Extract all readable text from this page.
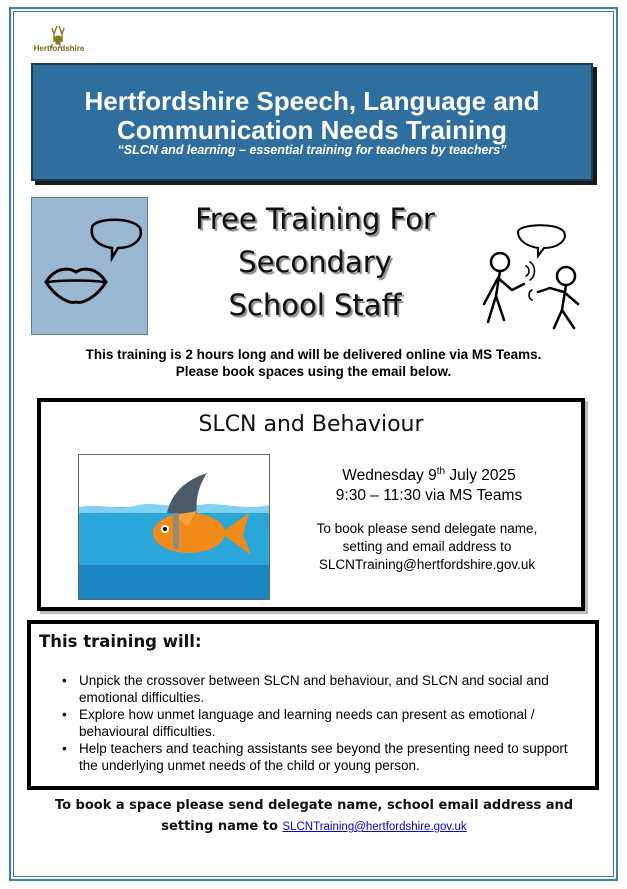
Hertfordshire
Hertfordshire Speech, Language and
Communication Needs Training
“SLCN and learning – essential training for teachers by teachers”
Free Training For
Secondary
School Staff
This training is 2 hours long and will be delivered online via MS Teams.
Please book spaces using the email below.
SLCN and Behaviour
Wednesday 9th July 2025
9:30 – 11:30 via MS Teams
To book please send delegate name,
setting and email address to
SLCNTraining@hertfordshire.gov.uk
This training will:
• Unpick the crossover between SLCN and behaviour, and SLCN and social and emotional difficulties.
• Explore how unmet language and learning needs can present as emotional / behavioural difficulties.
• Help teachers and teaching assistants see beyond the presenting need to support the underlying unmet needs of the child or young person.
To book a space please send delegate name, school email address and
setting name to SLCNTraining@hertfordshire.gov.uk
